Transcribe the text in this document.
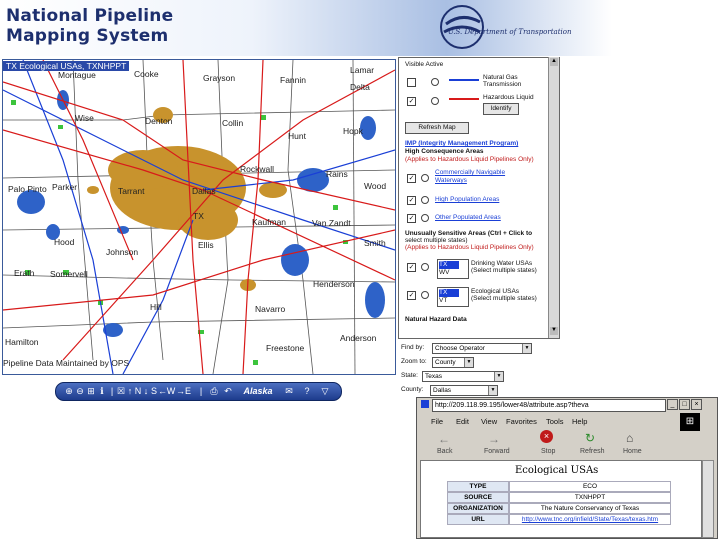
National Pipeline
Mapping System	U.S. Department of Transportation
TX Ecological USAs, TXNHPPT
Montague	Cooke	Grayson	Fannin
Lamar
Delta
Wise	Denton	Collin
Hunt	Hopk
Tarrant	Dallas
Rockwall	Rains
Wood
Palo Pinto Parker
Kaufman	Van Zandt
Smith
Hood
Johnson
Erath Somervell
Ellis
Henderson
Hill	Navarro
Anderson
Freestone
Hamilton
TX
Pipeline Data Maintained by OPS
⊕ ⊖ ⊞ ℹ | ☒ ↑ N ↓ S ← W → E | ⎙ ↶	Alaska	✉	?	▽
Visible Active
Natural Gas
Transmission
✓
Hazardous Liquid
Identify
Refresh Map
IMP (Integrity Management Program)
High Consequence Areas
(Applies to Hazardous Liquid Pipelines Only)
✓
Commercially Navigable
Waterways
✓	High Population Areas
✓	Other Populated Areas
Unusually Sensitive Areas (Ctrl + Click to
select multiple states)
(Applies to Hazardous Liquid Pipelines Only)
✓	TX
WV
Drinking Water USAs
(Select multiple states)
✓	TX
VT
Ecological USAs
(Select multiple states)
Natural Hazard Data
▲
▼
Find by:	Choose Operator	▼
Zoom to:	County	▼
State:	Texas	▼
County:	Dallas	▼
http://209.118.99.195/lower48/attribute.asp?theva	_	□	×
File Edit View Favorites Tools Help	⊞
←	→	×	↻	⌂
Back	Forward	Stop	Refresh	Home
Ecological USAs
TYPE	ECO
SOURCE	TXNHPPT
ORGANIZATION	The Nature Conservancy of Texas
URL	http://www.tnc.org/infield/State/Texas/texas.htm
